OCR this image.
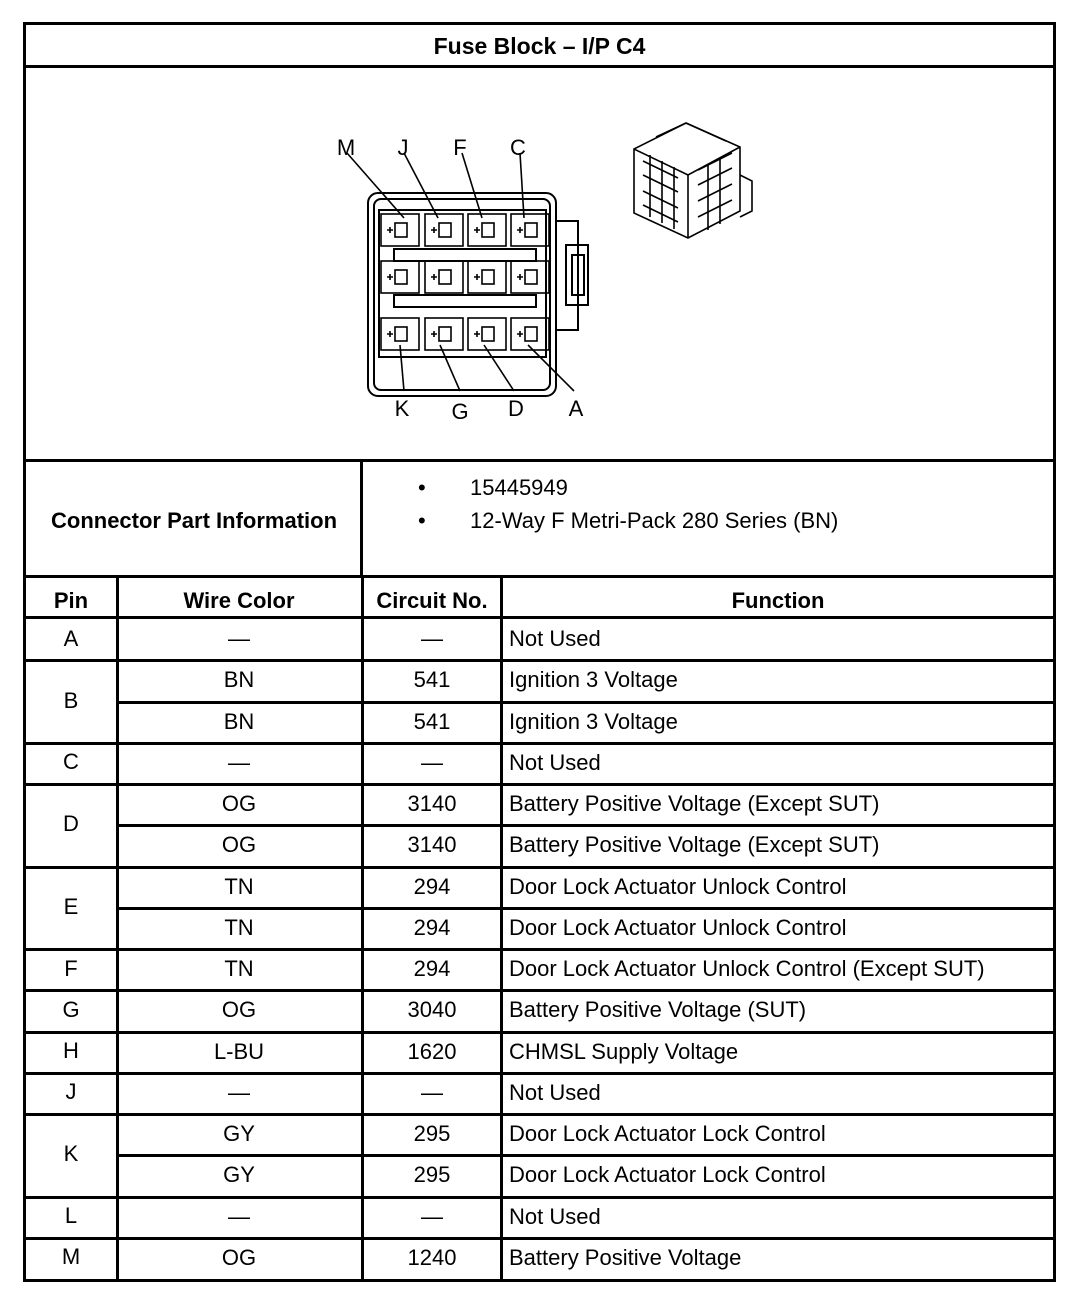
Fuse Block – I/P C4
M J F C
K G D A
Connector Part Information
• 15445949
• 12-Way F Metri-Pack 280 Series (BN)
Pin	Wire Color	Circuit No.	Function
A	—	—	Not Used
B
BN	541	Ignition 3 Voltage
BN	541	Ignition 3 Voltage
C	—	—	Not Used
D
OG	3140 Battery Positive Voltage (Except SUT)
OG	3140 Battery Positive Voltage (Except SUT)
E
TN	294	Door Lock Actuator Unlock Control
TN	294	Door Lock Actuator Unlock Control
F	TN	294	Door Lock Actuator Unlock Control (Except SUT)
G	OG	3040 Battery Positive Voltage (SUT)
H	L-BU	1620 CHMSL Supply Voltage
J	—	—	Not Used
K
GY	295	Door Lock Actuator Lock Control
GY	295	Door Lock Actuator Lock Control
L	—	—	Not Used
M	OG	1240 Battery Positive Voltage
